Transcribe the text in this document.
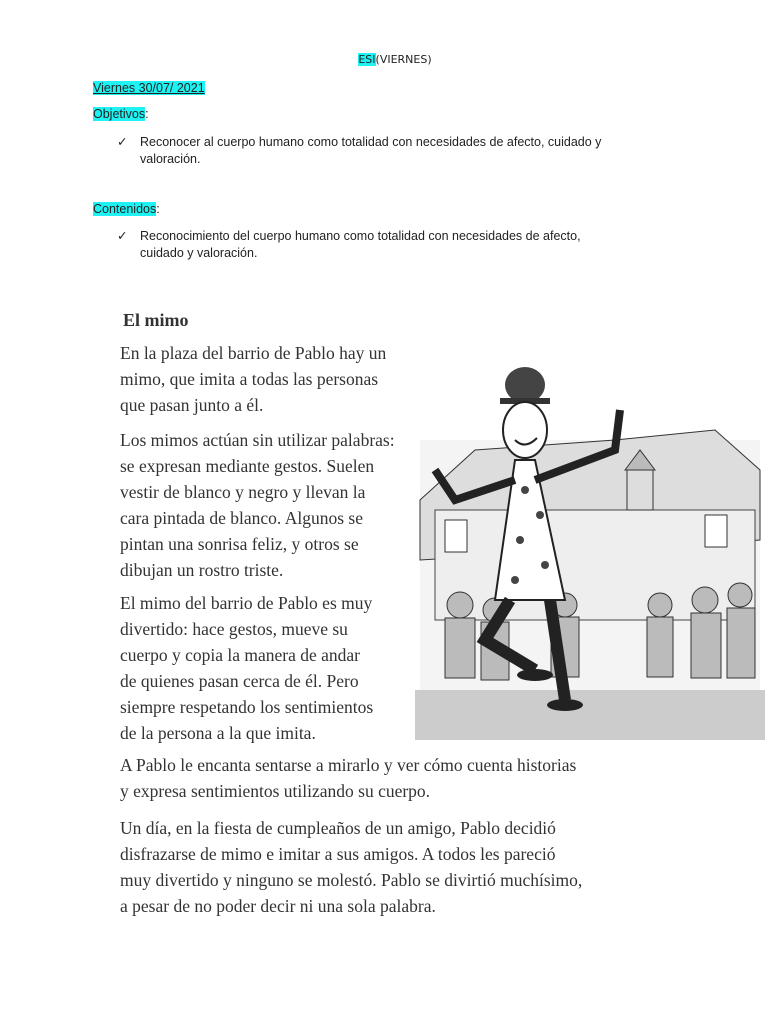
ESI(VIERNES)
Viernes 30/07/ 2021
Objetivos:
✓ Reconocer al cuerpo humano como totalidad con necesidades de afecto, cuidado y
valoración.
Contenidos:
✓ Reconocimiento del cuerpo humano como totalidad con necesidades de afecto,
cuidado y valoración.
El mimo
En la plaza del barrio de Pablo hay un
mimo, que imita a todas las personas
que pasan junto a él.
Los mimos actúan sin utilizar palabras:
se expresan mediante gestos. Suelen
vestir de blanco y negro y llevan la
cara pintada de blanco. Algunos se
pintan una sonrisa feliz, y otros se
dibujan un rostro triste.
El mimo del barrio de Pablo es muy
divertido: hace gestos, mueve su
cuerpo y copia la manera de andar
de quienes pasan cerca de él. Pero
siempre respetando los sentimientos
de la persona a la que imita.
A Pablo le encanta sentarse a mirarlo y ver cómo cuenta historias
y expresa sentimientos utilizando su cuerpo.
Un día, en la fiesta de cumpleaños de un amigo, Pablo decidió
disfrazarse de mimo e imitar a sus amigos. A todos les pareció
muy divertido y ninguno se molestó. Pablo se divirtió muchísimo,
a pesar de no poder decir ni una sola palabra.
